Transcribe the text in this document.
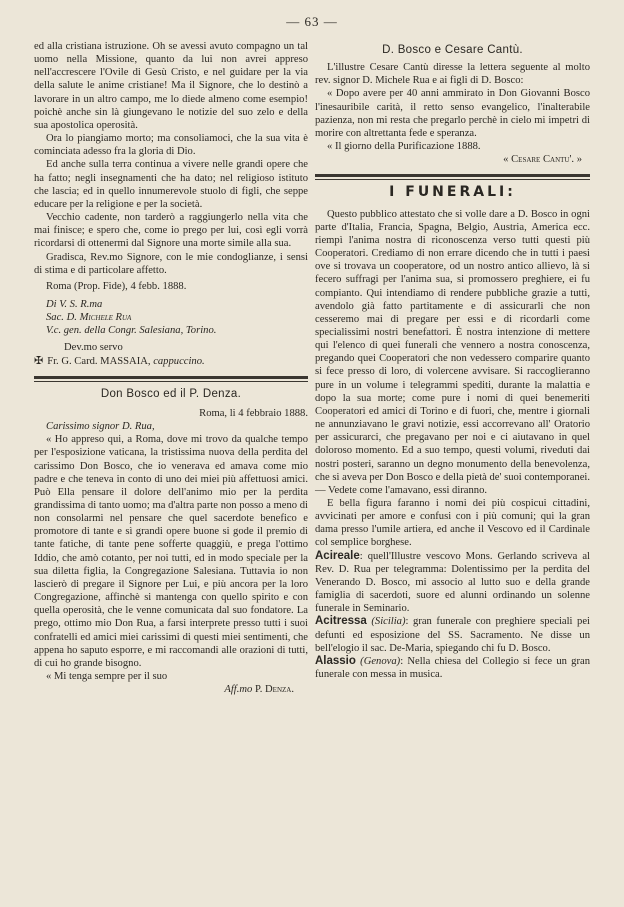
— 63 —

ed alla cristiana istruzione. Oh se avessi avuto compagno un tal uomo nella Missione, quanto da lui non avrei appreso nell'accrescere l'Ovile di Gesù Cristo, e nel guidare per la via della salute le anime cristiane! Ma il Signore, che lo destinò a lavorare in un altro campo, me lo diede almeno come esempio! poichè anche sin là giungevano le notizie del suo zelo e della sua apostolica operosità.

Ora lo piangiamo morto; ma consoliamoci, che la sua vita è cominciata adesso fra la gloria di Dio.

Ed anche sulla terra continua a vivere nelle grandi opere che ha fatto; negli insegnamenti che ha dato; nel religioso istituto che lascia; ed in quello innumerevole stuolo di figli, che seppe educare per la religione e per la società.

Vecchio cadente, non tarderò a raggiungerlo nella vita che mai finisce; e spero che, come io prego per lui, così egli vorrà ricordarsi di ottenermi dal Signore una morte simile alla sua.

Gradisca, Rev.mo Signore, con le mie condoglianze, i sensi di stima e di particolare affetto.

Roma (Prop. Fide), 4 febb. 1888.

Di V. S. R.ma

Sac. D. Michele Rua

V.c. gen. della Congr. Salesiana, Torino.

Dev.mo servo

✠ Fr. G. Card. MASSAIA, cappuccino.

Don Bosco ed il P. Denza.

Roma, li 4 febbraio 1888.

Carissimo signor D. Rua,

« Ho appreso qui, a Roma, dove mi trovo da qualche tempo per l'esposizione vaticana, la tristissima nuova della perdita del carissimo Don Bosco, che io venerava ed amava come mio padre e che teneva in conto di uno dei miei più affettuosi amici. Può Ella pensare il dolore dell'animo mio per la perdita grandissima di tanto uomo; ma d'altra parte non posso a meno di non consolarmi nel pensare che quel sacerdote benefico e promotore di tante e sì grandi opere buone si gode il premio di tante fatiche, di tante pene sofferte quaggiù, e prega l'ottimo Iddio, che amò cotanto, per noi tutti, ed in modo speciale per la sua diletta figlia, la Congregazione Salesiana. Tuttavia io non lascierò di pregare il Signore per Lui, e più ancora per la loro Congregazione, affinchè si mantenga con quello spirito e con quella operosità, che le venne comunicata dal suo fondatore. La prego, ottimo mio Don Rua, a farsi interprete presso tutti i suoi confratelli ed amici miei carissimi di questi miei sentimenti, che appena ho saputo esporre, e mi raccomandi alle orazioni di tutti, di cui ho grande bisogno.

« Mi tenga sempre per il suo

Aff.mo P. Denza.

D. Bosco e Cesare Cantù.

L'illustre Cesare Cantù diresse la lettera seguente al molto rev. signor D. Michele Rua e ai figli di D. Bosco:

« Dopo avere per 40 anni ammirato in Don Giovanni Bosco l'inesauribile carità, il retto senso evangelico, l'inalterabile pazienza, non mi resta che pregarlo perchè in cielo mi impetri di morire con altrettanta fede e speranza.

« Il giorno della Purificazione 1888.

« Cesare Cantu'. »

I FUNERALI:

Questo pubblico attestato che si volle dare a D. Bosco in ogni parte d'Italia, Francia, Spagna, Belgio, Austria, America ecc. riempì l'anima nostra di riconoscenza verso tutti questi più Cooperatori. Crediamo di non errare dicendo che in tutti i paesi ove si trovava un cooperatore, od un nostro antico allievo, là si fecero suffragi per l'anima sua, si promossero preghiere, ei fu compianto. Qui intendiamo di rendere pubbliche grazie a tutti, avendolo già fatto partitamente e di assicurarli che non cesseremo mai di pregare per essi e di ricordarli come specialissimi nostri benefattori. È nostra intenzione di mettere qui l'elenco di quei funerali che vennero a nostra conoscenza, pregando quei Cooperatori che non vedessero comparire quanto si fece presso di loro, di volercene avvisare. Si raccoglieranno pure in un volume i telegrammi spediti, durante la malattia e dopo la sua morte; come pure i nomi di quei benemeriti Cooperatori ed amici di Torino e di fuori, che, mentre i giornali ne annunziavano le gravi notizie, essi accorrevano all' Oratorio per assicurarci, che pregavano per noi e ci aiutavano in quel doloroso momento. Ed a suo tempo, questi volumi, riveduti dai nostri posteri, saranno un degno monumento della benevolenza, che si aveva per Don Bosco e della pietà de' suoi contemporanei. — Vedete come l'amavano, essi diranno.

E bella figura faranno i nomi dei più cospicui cittadini, avvicinati per amore e confusi con i più comuni; qui la gran dama presso l'umile artiera, ed anche il Vescovo ed il Cardinale col semplice borghese.

Acireale: quell'Illustre vescovo Mons. Gerlando scriveva al Rev. D. Rua per telegramma: Dolentissimo per la perdita del Venerando D. Bosco, mi associo al lutto suo e della grande famiglia di sacerdoti, suore ed alunni ordinando un solenne funerale in Seminario.

Acitressa (Sicilia): gran funerale con preghiere speciali pei defunti ed esposizione del SS. Sacramento. Ne disse un bell'elogio il sac. De-Maria, spiegando chi fu D. Bosco.

Alassio (Genova): Nella chiesa del Collegio si fece un gran funerale con messa in musica.
